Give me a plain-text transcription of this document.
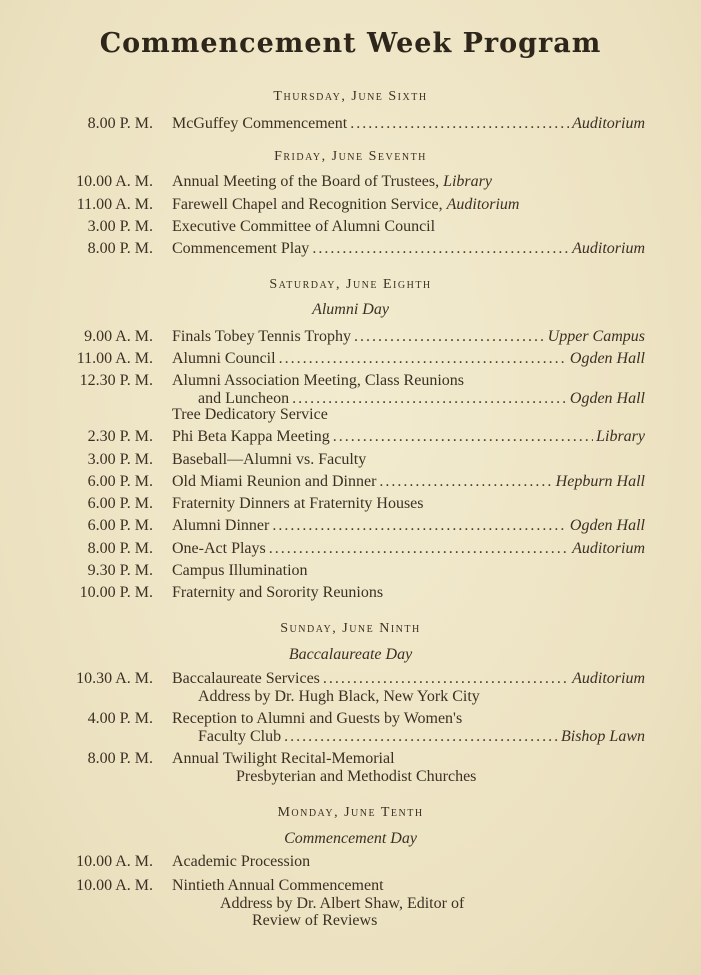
Commencement Week Program
Thursday, June Sixth
8.00 P. M. McGuffey Commencement .....	Auditorium
Friday, June Seventh
10.00 A. M. Annual Meeting of the Board of Trustees, Library
11.00 A. M. Farewell Chapel and Recognition Service, Auditorium
3.00 P. M. Executive Committee of Alumni Council
8.00 P. M. Commencement Play .....	Auditorium
Saturday, June Eighth
Alumni Day
9.00 A. M. Finals Tobey Tennis Trophy .....	Upper Campus
11.00 A. M. Alumni Council .....	Ogden Hall
12.30 P. M. Alumni Association Meeting, Class Reunions
and Luncheon .....	Ogden Hall
Tree Dedicatory Service
2.30 P. M. Phi Beta Kappa Meeting .....	Library
3.00 P. M. Baseball—Alumni vs. Faculty
6.00 P. M. Old Miami Reunion and Dinner .....	Hepburn Hall
6.00 P. M. Fraternity Dinners at Fraternity Houses
6.00 P. M. Alumni Dinner .....	Ogden Hall
8.00 P. M. One-Act Plays .....	Auditorium
9.30 P. M. Campus Illumination
10.00 P. M. Fraternity and Sorority Reunions
Sunday, June Ninth
Baccalaureate Day
10.30 A. M. Baccalaureate Services .....	Auditorium
Address by Dr. Hugh Black, New York City
4.00 P. M. Reception to Alumni and Guests by Women's
Faculty Club .....	Bishop Lawn
8.00 P. M. Annual Twilight Recital-Memorial
Presbyterian and Methodist Churches
Monday, June Tenth
Commencement Day
10.00 A. M. Academic Procession
10.00 A. M. Nintieth Annual Commencement
Address by Dr. Albert Shaw, Editor of
Review of Reviews
